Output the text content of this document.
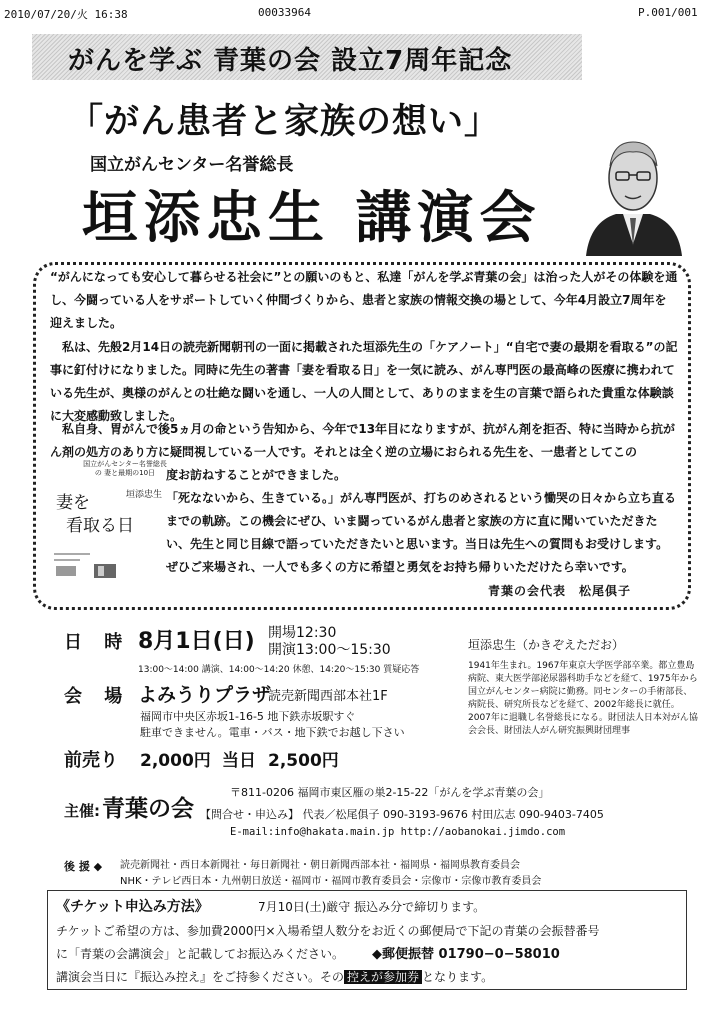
2010/07/20/火 16:38	00033964	P.001/001
がんを学ぶ 青葉の会 設立7周年記念
「がん患者と家族の想い」
国立がんセンター名誉総長
垣添忠生 講演会
“がんになっても安心して暮らせる社会に”との願いのもと、私達「がんを学ぶ青葉の会」は治った人がその体験を通し、今闘っている人をサポートしていく仲間づくりから、患者と家族の情報交換の場として、今年4月設立7周年を迎えました。
私は、先般2月14日の読売新聞朝刊の一面に掲載された垣添先生の「ケアノート」“自宅で妻の最期を看取る”の記事に釘付けになりました。同時に先生の著書「妻を看取る日」を一気に読み、がん専門医の最高峰の医療に携われている先生が、奥様のがんとの壮絶な闘いを通し、一人の人間として、ありのままを生の言葉で語られた貴重な体験談に大変感動致しました。
私自身、胃がんで後5ヵ月の命という告知から、今年で13年目になりますが、抗がん剤を拒否、特に当時から抗がん剤の処方のあり方に疑問視している一人です。それとは全く逆の立場におられる先生を、一患者としてこの
度お訪ねすることができました。
「死なないから、生きている。」がん専門医が、打ちのめされるという慟哭の日々から立ち直るまでの軌跡。この機会にぜひ、いま闘っているがん患者と家族の方に直に聞いていただきたい、先生と同じ目線で語っていただきたいと思います。当日は先生への質問もお受けします。ぜひご来場され、一人でも多くの方に希望と勇気をお持ち帰りいただけたら幸いです。
青葉の会代表　松尾俱子
国立がんセンター名誉総長の 妻と最期の10日
垣添忠生
妻を
看取る日
日 時 8月1日(日) 開場12:30
開演13:00〜15:30
13:00〜14:00 講演、14:00〜14:20 休憩、14:20〜15:30 質疑応答
会 場 よみうりプラザ
読売新聞西部本社1F
福岡市中央区赤坂1-16-5 地下鉄赤坂駅すぐ
駐車できません。電車・バス・地下鉄でお越し下さい
前売り 2,000円 当日 2,500円
垣添忠生（かきぞえただお）
1941年生まれ。1967年東京大学医学部卒業。都立豊島病院、東大医学部泌尿器科助手などを経て、1975年から国立がんセンター病院に勤務。同センターの手術部長、病院長、研究所長などを経て、2002年総長に就任。2007年に退職し名誉総長になる。財団法人日本対がん協会会長、財団法人がん研究振興財団理事
主催: 青葉の会
〒811-0206 福岡市東区雁の巣2-15-22「がんを学ぶ青葉の会」
【問合せ・申込み】 代表／松尾俱子 090-3193-9676 村田広志 090-9403-7405
E-mail:info@hakata.main.jp http://aobanokai.jimdo.com
後 援 ◆ 読売新聞社・西日本新聞社・毎日新聞社・朝日新聞西部本社・福岡県・福岡県教育委員会
NHK・テレビ西日本・九州朝日放送・福岡市・福岡市教育委員会・宗像市・宗像市教育委員会
《チケット申込み方法》	7月10日(土)厳守 振込み分で締切ります。
チケットご希望の方は、参加費2000円×入場希望人数分をお近くの郵便局で下記の青葉の会振替番号
に「青葉の会講演会」と記載してお振込みください。 ◆郵便振替 01790−0−58010
講演会当日に『振込み控え』をご持参ください。その 控えが参加券 となります。
